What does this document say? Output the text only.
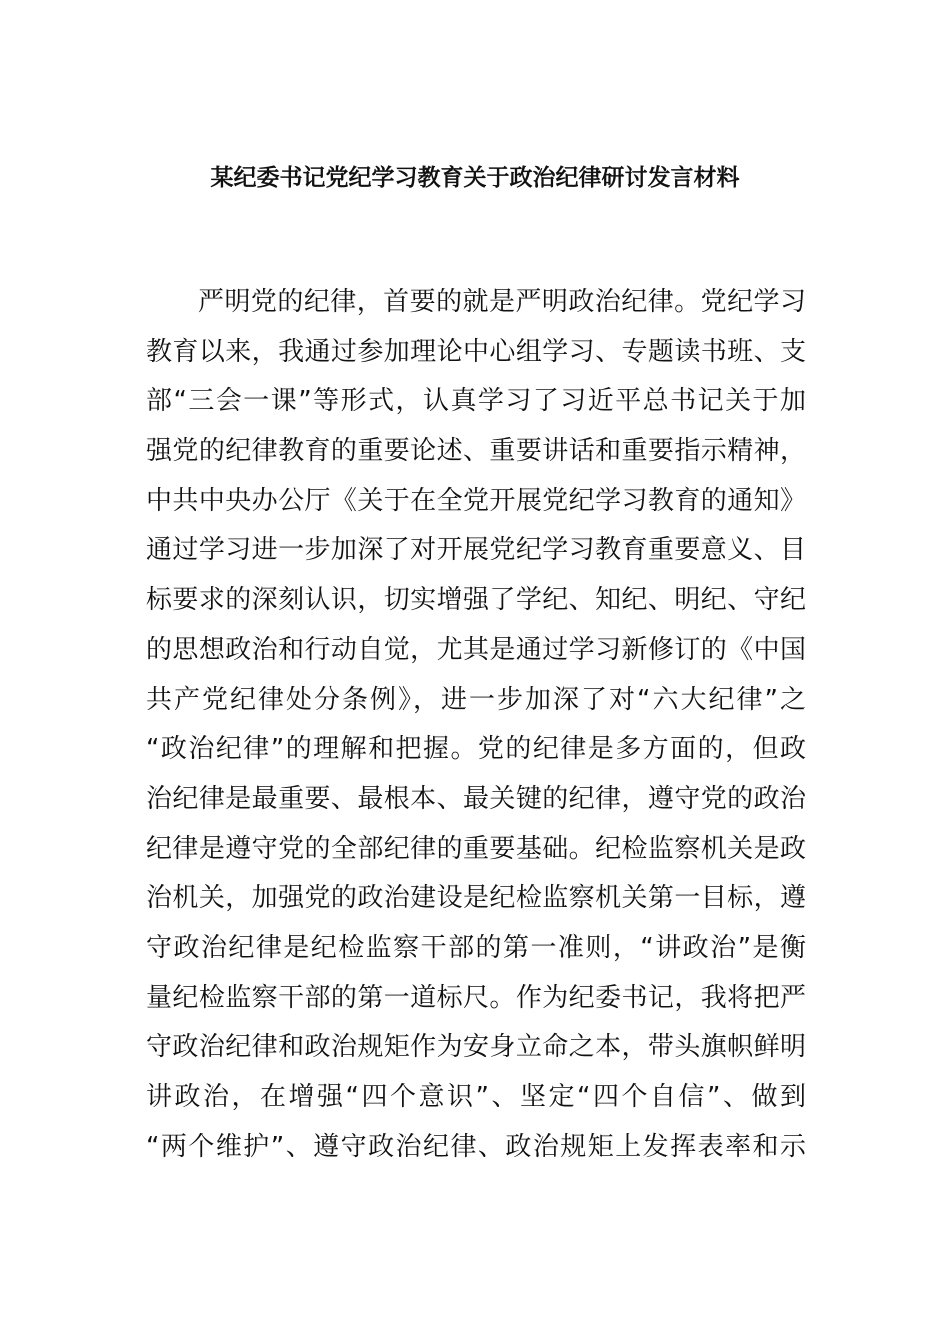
某纪委书记党纪学习教育关于政治纪律研讨发言材料
严明党的纪律，首要的就是严明政治纪律。党纪学习
教育以来，我通过参加理论中心组学习、专题读书班、支
部“三会一课”等形式，认真学习了习近平总书记关于加
强党的纪律教育的重要论述、重要讲话和重要指示精神，
中共中央办公厅《关于在全党开展党纪学习教育的通知》
通过学习进一步加深了对开展党纪学习教育重要意义、目
标要求的深刻认识，切实增强了学纪、知纪、明纪、守纪
的思想政治和行动自觉，尤其是通过学习新修订的《中国
共产党纪律处分条例》，进一步加深了对“六大纪律”之
“政治纪律”的理解和把握。党的纪律是多方面的，但政
治纪律是最重要、最根本、最关键的纪律，遵守党的政治
纪律是遵守党的全部纪律的重要基础。纪检监察机关是政
治机关，加强党的政治建设是纪检监察机关第一目标，遵
守政治纪律是纪检监察干部的第一准则，“讲政治”是衡
量纪检监察干部的第一道标尺。作为纪委书记，我将把严
守政治纪律和政治规矩作为安身立命之本，带头旗帜鲜明
讲政治，在增强“四个意识”、坚定“四个自信”、做到
“两个维护”、遵守政治纪律、政治规矩上发挥表率和示
